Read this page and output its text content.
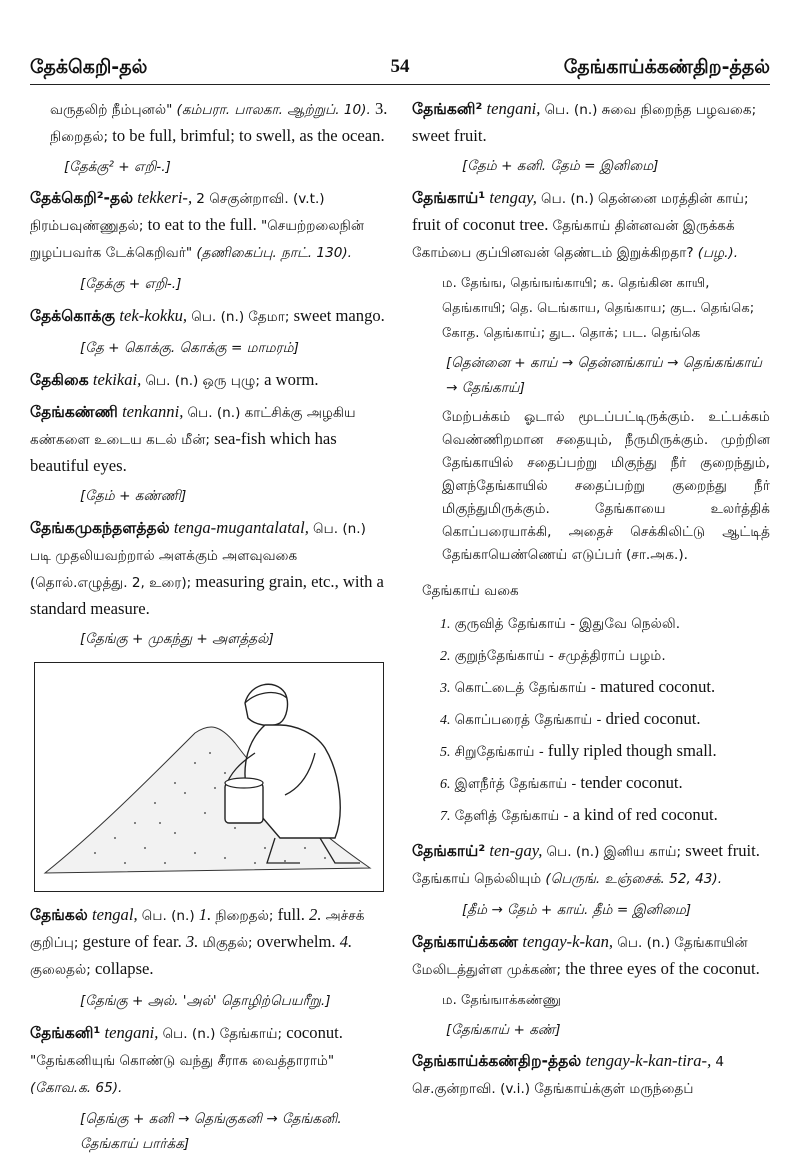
தேக்கெறி-தல்	54	தேங்காய்க்கண்திற-த்தல்

வருதலிற் நீம்புனல்" (கம்பரா. பாலகா. ஆற்றுப். 10). 3. நிறைதல்; to be full, brimful; to swell, as the ocean.

[தேக்கு² + எறி-.]

தேக்கெறி²-தல் tekkeri-, 2 செகுன்றாவி. (v.t.) நிரம்பவுண்ணுதல்; to eat to the full. "செயற்றலைநின் றுழப்பவர்க டேக்கெறிவர்" (தணிகைப்பு. நாட். 130).

[தேக்கு + எறி-.]

தேக்கொக்கு tek-kokku, பெ. (n.) தேமா; sweet mango.

[தே + கொக்கு. கொக்கு = மாமரம்]

தேகிகை tekikai, பெ. (n.) ஒரு புழு; a worm.

தேங்கண்ணி tenkanni, பெ. (n.) காட்சிக்கு அழகிய கண்களை உடைய கடல் மீன்; sea-fish which has beautiful eyes.

[தேம் + கண்ணி]

தேங்கமுகந்தளத்தல் tenga-mugantalatal, பெ. (n.) படி முதலியவற்றால் அளக்கும் அளவுவகை (தொல்.எழுத்து. 2, உரை); measuring grain, etc., with a standard measure.

[தேங்கு + முகந்து + அளத்தல்]

தேங்கல் tengal, பெ. (n.) 1. நிறைதல்; full. 2. அச்சக் குறிப்பு; gesture of fear. 3. மிகுதல்; overwhelm. 4. குலைதல்; collapse.

[தேங்கு + அல். 'அல்' தொழிற்பெயரீறு.]

தேங்கனி¹ tengani, பெ. (n.) தேங்காய்; coconut. "தேங்கனியுங் கொண்டு வந்து சீராக வைத்தாராம்" (கோவ.க. 65).

[தெங்கு + கனி → தெங்குகனி → தேங்கனி. தேங்காய் பார்க்க]

தேங்கனி² tengani, பெ. (n.) சுவை நிறைந்த பழவகை; sweet fruit.

[தேம் + கனி. தேம் = இனிமை]

தேங்காய்¹ tengay, பெ. (n.) தென்னை மரத்தின் காய்; fruit of coconut tree. தேங்காய் தின்னவன் இருக்கக் கோம்பை குப்பினவன் தெண்டம் இறுக்கிறதா? (பழ.).

ம. தேங்ங, தெங்ஙங்காயி; க. தெங்கின காயி, தெங்காயி; தெ. டெங்காய, தெங்காய; குட. தெங்கெ; கோத. தெங்காய்; துட. தொக்; பட. தெங்கெ

[தென்னை + காய் → தென்னங்காய் → தெங்கங்காய் → தேங்காய்]

மேற்பக்கம் ஓடால் மூடப்பட்டிருக்கும். உட்பக்கம் வெண்ணிறமான சதையும், நீருமிருக்கும். முற்றின தேங்காயில் சதைப்பற்று மிகுந்து நீர் குறைந்தும், இளந்தேங்காயில் சதைப்பற்று குறைந்து நீர் மிகுந்துமிருக்கும். தேங்காயை உலர்த்திக் கொப்பரையாக்கி, அதைச் செக்கிலிட்டு ஆட்டித் தேங்காயெண்ணெய் எடுப்பர் (சா.அக.).

தேங்காய் வகை

1. குருவித் தேங்காய் - இதுவே நெல்லி.
2. குறுந்தேங்காய் - சமுத்திராப் பழம்.
3. கொட்டைத் தேங்காய் - matured coconut.
4. கொப்பரைத் தேங்காய் - dried coconut.
5. சிறுதேங்காய் - fully ripled though small.
6. இளநீர்த் தேங்காய் - tender coconut.
7. தேளித் தேங்காய் - a kind of red coconut.

தேங்காய்² ten-gay, பெ. (n.) இனிய காய்; sweet fruit. தேங்காய் நெல்லியும் (பெருங். உஞ்சைக். 52, 43).

[தீம் → தேம் + காய். தீம் = இனிமை]

தேங்காய்க்கண் tengay-k-kan, பெ. (n.) தேங்காயின் மேலிடத்துள்ள முக்கண்; the three eyes of the coconut.

ம. தேங்ஙாக்கண்ணு

[தேங்காய் + கண்]

தேங்காய்க்கண்திற-த்தல் tengay-k-kan-tira-, 4 செ.குன்றாவி. (v.i.) தேங்காய்க்குள் மருந்தைப்
